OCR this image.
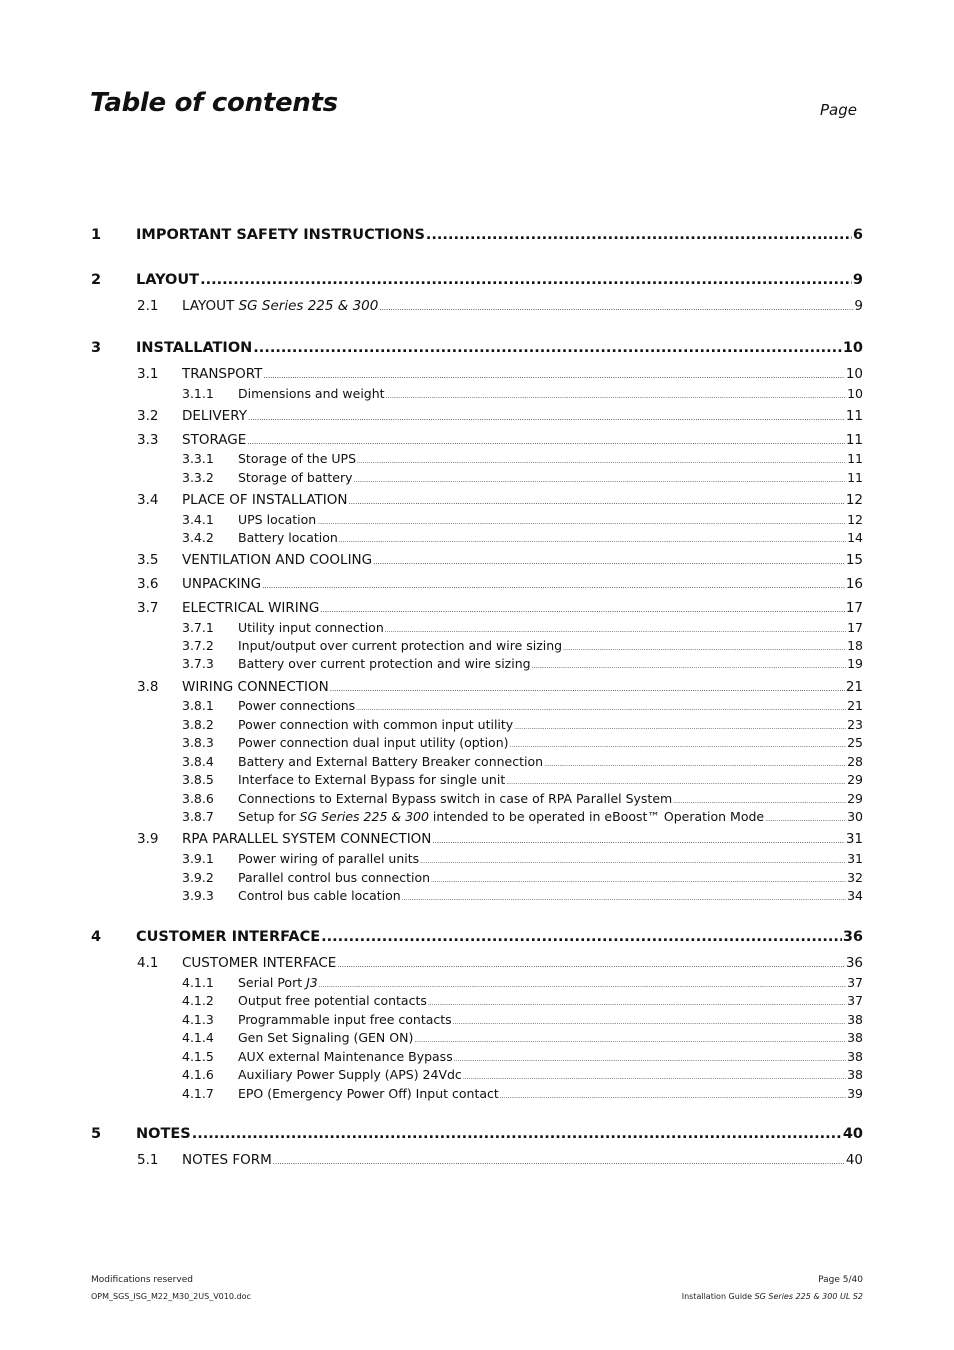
Table of contents	Page
1	IMPORTANT SAFETY INSTRUCTIONS .....	6
2	LAYOUT .....	9
2.1	LAYOUT SG Series 225 & 300 .....	9
3	INSTALLATION .....	10
3.1	TRANSPORT .....	10
3.1.1	Dimensions and weight .....	10
3.2	DELIVERY .....	11
3.3	STORAGE .....	11
3.3.1	Storage of the UPS .....	11
3.3.2	Storage of battery .....	11
3.4	PLACE OF INSTALLATION .....	12
3.4.1	UPS location .....	12
3.4.2	Battery location .....	14
3.5	VENTILATION AND COOLING .....	15
3.6	UNPACKING .....	16
3.7	ELECTRICAL WIRING .....	17
3.7.1	Utility input connection .....	17
3.7.2	Input/output over current protection and wire sizing .....	18
3.7.3	Battery over current protection and wire sizing .....	19
3.8	WIRING CONNECTION .....	21
3.8.1	Power connections .....	21
3.8.2	Power connection with common input utility .....	23
3.8.3	Power connection dual input utility (option) .....	25
3.8.4	Battery and External Battery Breaker connection .....	28
3.8.5	Interface to External Bypass for single unit .....	29
3.8.6	Connections to External Bypass switch in case of RPA Parallel System .....	29
3.8.7	Setup for SG Series 225 & 300 intended to be operated in eBoost™ Operation Mode .....	30
3.9	RPA PARALLEL SYSTEM CONNECTION .....	31
3.9.1	Power wiring of parallel units .....	31
3.9.2	Parallel control bus connection .....	32
3.9.3	Control bus cable location .....	34
4	CUSTOMER INTERFACE .....	36
4.1	CUSTOMER INTERFACE .....	36
4.1.1	Serial Port J3 .....	37
4.1.2	Output free potential contacts .....	37
4.1.3	Programmable input free contacts .....	38
4.1.4	Gen Set Signaling (GEN ON) .....	38
4.1.5	AUX external Maintenance Bypass .....	38
4.1.6	Auxiliary Power Supply (APS) 24Vdc .....	38
4.1.7	EPO (Emergency Power Off) Input contact .....	39
5	NOTES .....	40
5.1	NOTES FORM .....	40
Modifications reserved
OPM_SGS_ISG_M22_M30_2US_V010.doc
Page 5/40
Installation Guide SG Series 225 & 300 UL S2
